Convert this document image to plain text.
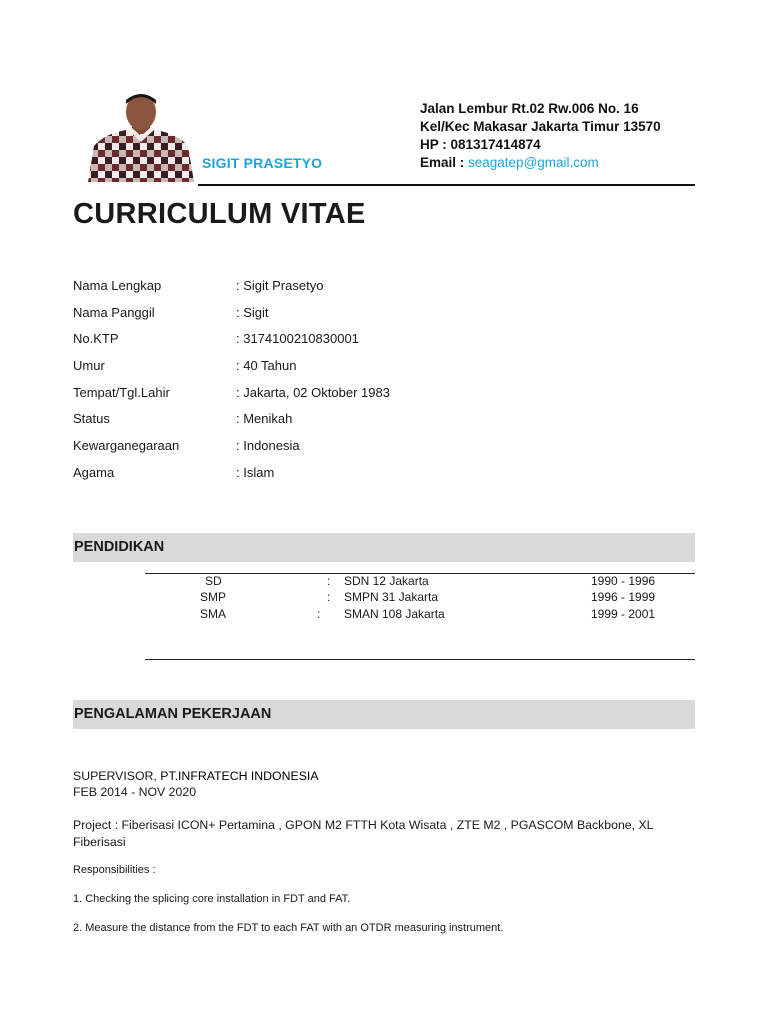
SIGIT PRASETYO
Jalan Lembur Rt.02 Rw.006 No. 16
Kel/Kec Makasar Jakarta Timur 13570
HP : 081317414874
Email : seagatep@gmail.com
CURRICULUM VITAE
Nama Lengkap	: Sigit Prasetyo
Nama Panggil	: Sigit
No.KTP	: 3174100210830001
Umur	: 40 Tahun
Tempat/Tgl.Lahir	: Jakarta, 02 Oktober 1983
Status	: Menikah
Kewarganegaraan	: Indonesia
Agama	: Islam
PENDIDIKAN
SD	: SDN 12 Jakarta	1990 - 1996
SMP	: SMPN 31 Jakarta	1996 - 1999
SMA	: SMAN 108 Jakarta	1999 - 2001
PENGALAMAN PEKERJAAN
SUPERVISOR, PT.INFRATECH INDONESIA
FEB 2014 - NOV 2020
Project : Fiberisasi ICON+ Pertamina , GPON M2 FTTH Kota Wisata , ZTE M2 , PGASCOM Backbone, XL
Fiberisasi
Responsibilities :
1. Checking the splicing core installation in FDT and FAT.
2. Measure the distance from the FDT to each FAT with an OTDR measuring instrument.
